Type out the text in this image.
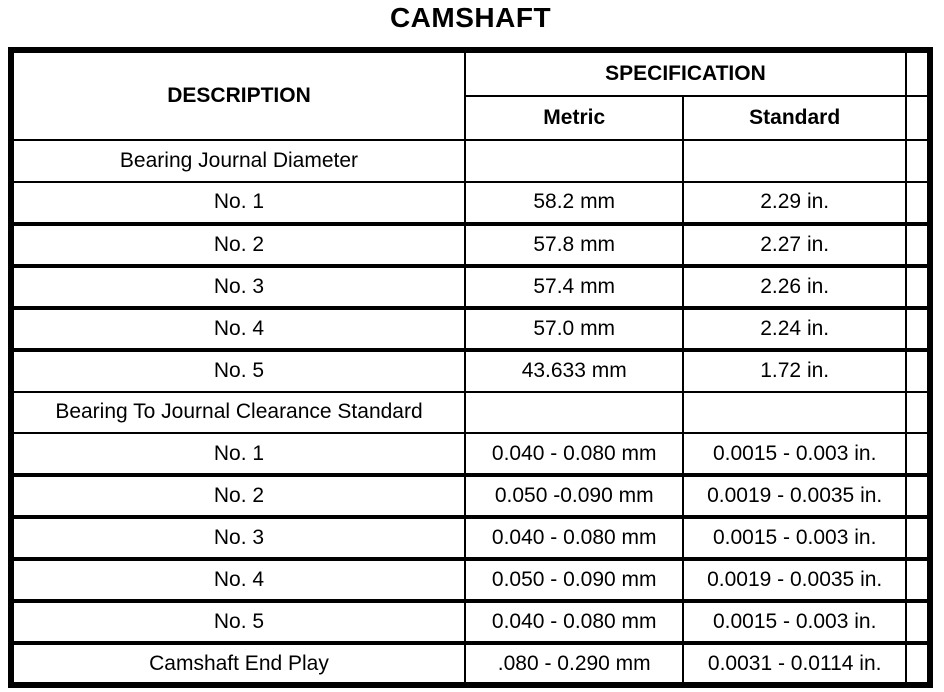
CAMSHAFT
DESCRIPTION	SPECIFICATION		
	Metric	Standard	
Bearing Journal Diameter			
No. 1	58.2 mm	2.29 in.	
No. 2	57.8 mm	2.27 in.	
No. 3	57.4 mm	2.26 in.	
No. 4	57.0 mm	2.24 in.	
No. 5	43.633 mm	1.72 in.	
Bearing To Journal Clearance Standard			
No. 1	0.040 - 0.080 mm	0.0015 - 0.003 in.	
No. 2	0.050 -0.090 mm	0.0019 - 0.0035 in.	
No. 3	0.040 - 0.080 mm	0.0015 - 0.003 in.	
No. 4	0.050 - 0.090 mm	0.0019 - 0.0035 in.	
No. 5	0.040 - 0.080 mm	0.0015 - 0.003 in.	
Camshaft End Play	.080 - 0.290 mm	0.0031 - 0.0114 in.	
